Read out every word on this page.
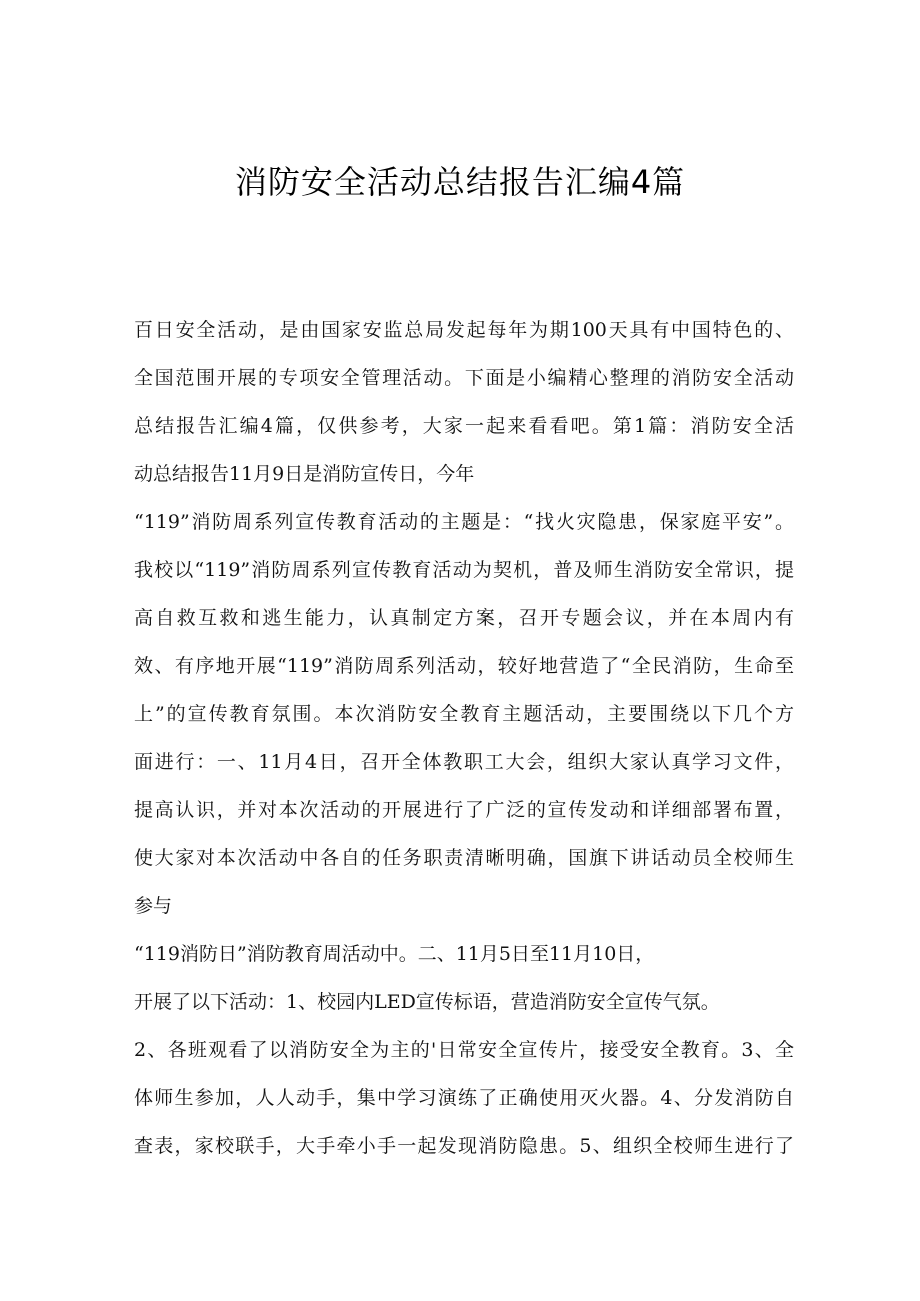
消防安全活动总结报告汇编4篇
百日安全活动，是由国家安监总局发起每年为期100天具有中国特色的、
全国范围开展的专项安全管理活动。下面是小编精心整理的消防安全活动
总结报告汇编4篇，仅供参考，大家一起来看看吧。第1篇：消防安全活
动总结报告11月9日是消防宣传日，今年
“119”消防周系列宣传教育活动的主题是：“找火灾隐患，保家庭平安”。
我校以“119”消防周系列宣传教育活动为契机，普及师生消防安全常识，提
高自救互救和逃生能力，认真制定方案，召开专题会议，并在本周内有
效、有序地开展“119”消防周系列活动，较好地营造了“全民消防，生命至
上”的宣传教育氛围。本次消防安全教育主题活动，主要围绕以下几个方
面进行：一、11月4日，召开全体教职工大会，组织大家认真学习文件，
提高认识，并对本次活动的开展进行了广泛的宣传发动和详细部署布置，
使大家对本次活动中各自的任务职责清晰明确，国旗下讲话动员全校师生
参与
“119消防日”消防教育周活动中。二、11月5日至11月10日，
开展了以下活动：1、校园内LED宣传标语，营造消防安全宣传气氛。
2、各班观看了以消防安全为主的'日常安全宣传片，接受安全教育。3、全
体师生参加，人人动手，集中学习演练了正确使用灭火器。4、分发消防自
查表，家校联手，大手牵小手一起发现消防隐患。5、组织全校师生进行了
